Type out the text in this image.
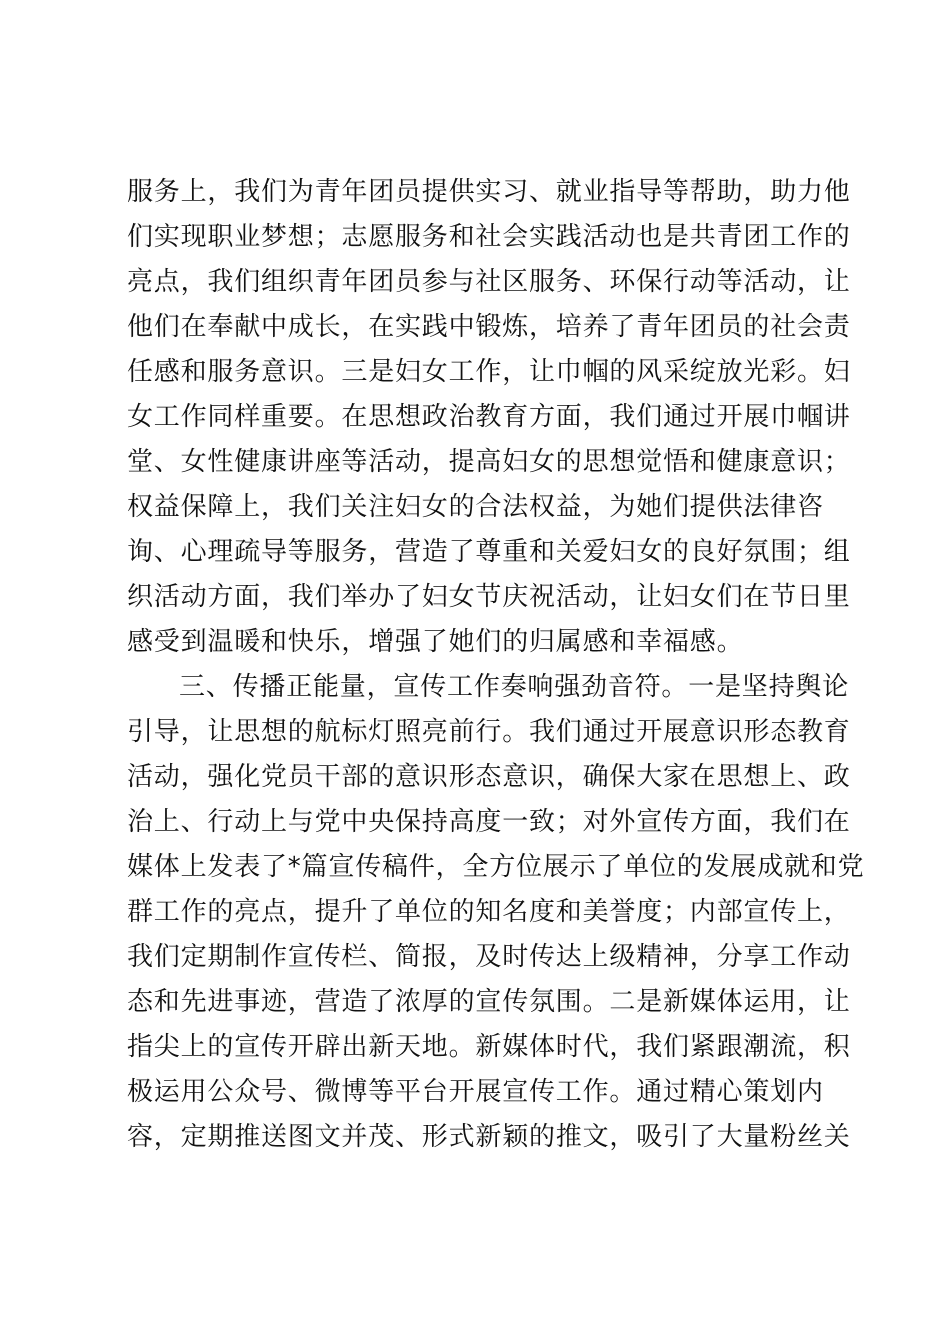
服务上，我们为青年团员提供实习、就业指导等帮助，助力他
们实现职业梦想；志愿服务和社会实践活动也是共青团工作的
亮点，我们组织青年团员参与社区服务、环保行动等活动，让
他们在奉献中成长，在实践中锻炼，培养了青年团员的社会责
任感和服务意识。三是妇女工作，让巾帼的风采绽放光彩。妇
女工作同样重要。在思想政治教育方面，我们通过开展巾帼讲
堂、女性健康讲座等活动，提高妇女的思想觉悟和健康意识；
权益保障上，我们关注妇女的合法权益，为她们提供法律咨
询、心理疏导等服务，营造了尊重和关爱妇女的良好氛围；组
织活动方面，我们举办了妇女节庆祝活动，让妇女们在节日里
感受到温暖和快乐，增强了她们的归属感和幸福感。
三、传播正能量，宣传工作奏响强劲音符。一是坚持舆论
引导，让思想的航标灯照亮前行。我们通过开展意识形态教育
活动，强化党员干部的意识形态意识，确保大家在思想上、政
治上、行动上与党中央保持高度一致；对外宣传方面，我们在
媒体上发表了*篇宣传稿件，全方位展示了单位的发展成就和党
群工作的亮点，提升了单位的知名度和美誉度；内部宣传上，
我们定期制作宣传栏、简报，及时传达上级精神，分享工作动
态和先进事迹，营造了浓厚的宣传氛围。二是新媒体运用，让
指尖上的宣传开辟出新天地。新媒体时代，我们紧跟潮流，积
极运用公众号、微博等平台开展宣传工作。通过精心策划内
容，定期推送图文并茂、形式新颖的推文，吸引了大量粉丝关
